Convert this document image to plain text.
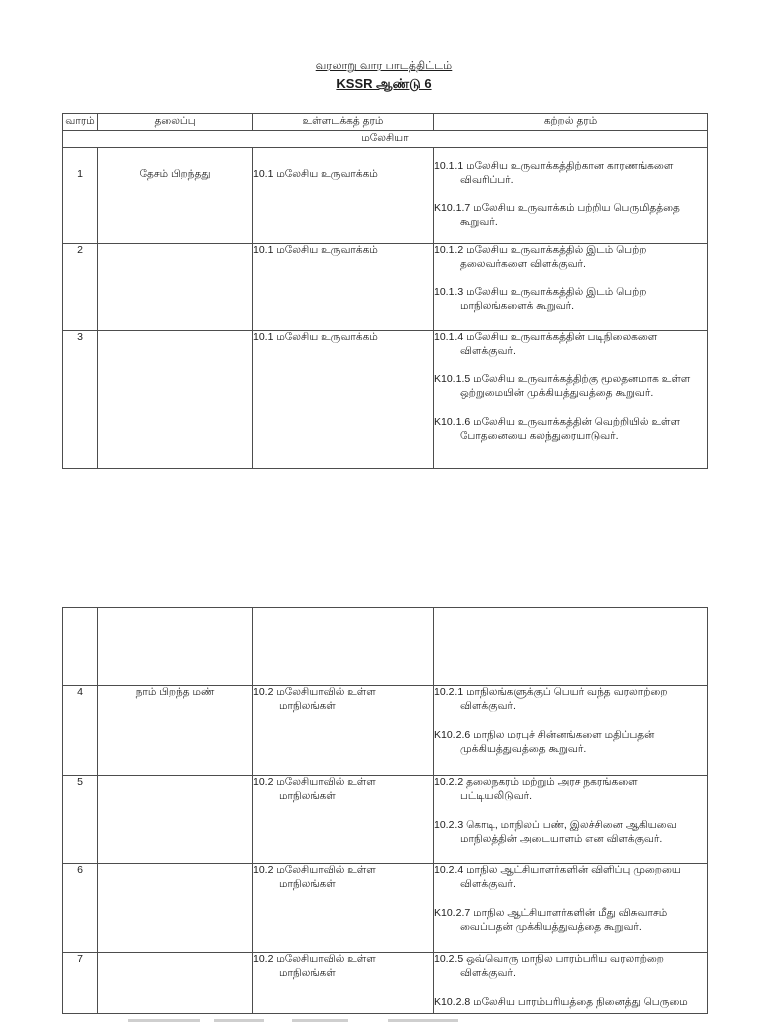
வரலாறு வார பாடத்திட்டம்
KSSR ஆண்டு 6
வாரம்	தலைப்பு	உள்ளடக்கத் தரம்	கற்றல் தரம்
மலேசியா			
1	தேசம் பிறந்தது	10.1 மலேசிய உருவாக்கம்	10.1.1 மலேசிய உருவாக்கத்திற்கான காரணங்களை விவரிப்பர்.

K10.1.7 மலேசிய உருவாக்கம் பற்றிய பெருமிதத்தை கூறுவர்.

2		10.1 மலேசிய உருவாக்கம்	10.1.2 மலேசிய உருவாக்கத்தில் இடம் பெற்ற தலைவர்களை விளக்குவர்.

10.1.3 மலேசிய உருவாக்கத்தில் இடம் பெற்ற மாநிலங்களைக் கூறுவர்.

3		10.1 மலேசிய உருவாக்கம்	10.1.4 மலேசிய உருவாக்கத்தின் படிநிலைகளை விளக்குவர்.

K10.1.5 மலேசிய உருவாக்கத்திற்கு மூலதனமாக உள்ள ஒற்றுமையின் முக்கியத்துவத்தை கூறுவர்.

K10.1.6 மலேசிய உருவாக்கத்தின் வெற்றியில் உள்ள போதனையை கலந்துரையாடுவர்.

4	நாம் பிறந்த மண்	10.2 மலேசியாவில் உள்ள மாநிலங்கள்	10.2.1 மாநிலங்களுக்குப் பெயர் வந்த வரலாற்றை விளக்குவர்.

K10.2.6 மாநில மரபுச் சின்னங்களை மதிப்பதன் முக்கியத்துவத்தை கூறுவர்.

5		10.2 மலேசியாவில் உள்ள மாநிலங்கள்	10.2.2 தலைநகரம் மற்றும் அரச நகரங்களை பட்டியலிடுவர்.

10.2.3 கொடி, மாநிலப் பண், இலச்சினை ஆகியவை மாநிலத்தின் அடையாளம் என விளக்குவர்.

6		10.2 மலேசியாவில் உள்ள மாநிலங்கள்	10.2.4 மாநில ஆட்சியாளர்களின் விளிப்பு முறையை விளக்குவர்.

K10.2.7 மாநில ஆட்சியாளர்களின் மீது விசுவாசம் வைப்பதன் முக்கியத்துவத்தை கூறுவர்.

7		10.2 மலேசியாவில் உள்ள மாநிலங்கள்	10.2.5 ஒவ்வொரு மாநில பாரம்பரிய வரலாற்றை விளக்குவர்.

K10.2.8 மலேசிய பாரம்பரியத்தை நினைத்து பெருமை
